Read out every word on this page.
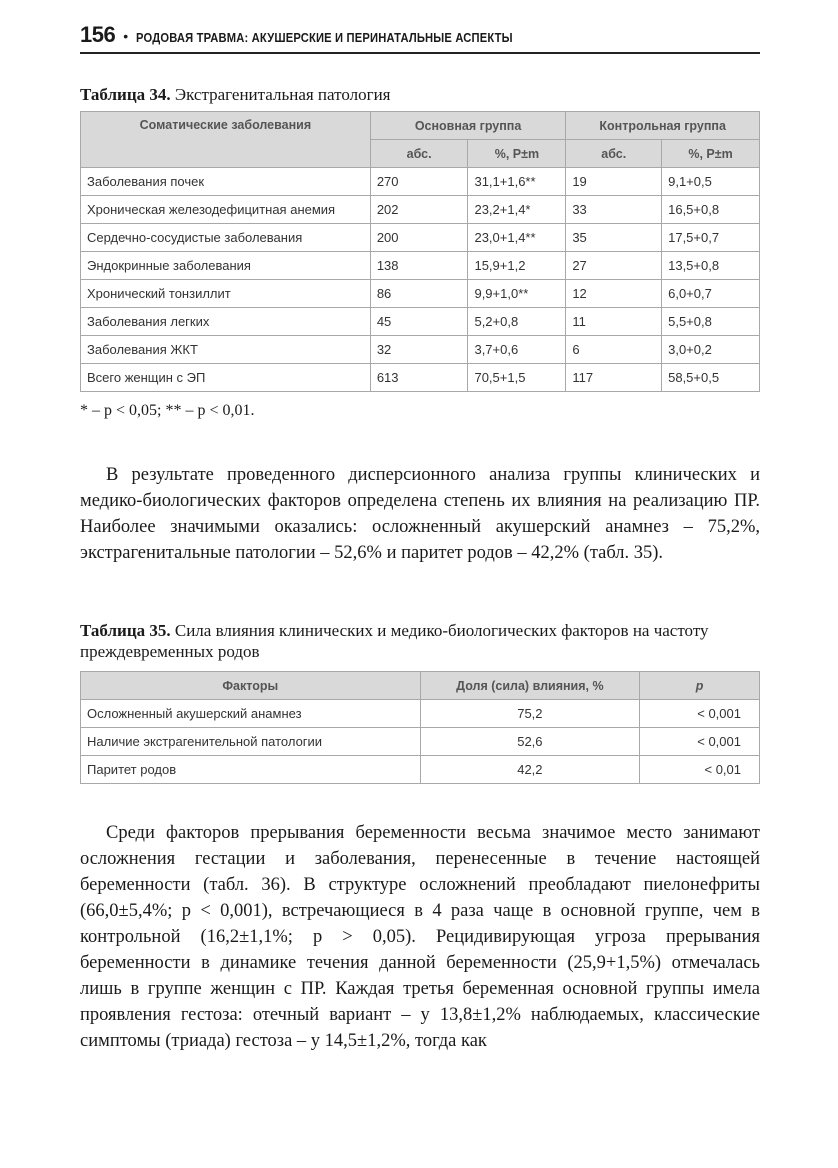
156 • РОДОВАЯ ТРАВМА: АКУШЕРСКИЕ И ПЕРИНАТАЛЬНЫЕ АСПЕКТЫ
Таблица 34. Экстрагенитальная патология
Соматические заболевания	Основная группа		Контрольная группа	
	абс.	%, P±m	абс.	%, P±m
Заболевания почек	270	31,1+1,6**	19	9,1+0,5
Хроническая железодефицитная анемия	202	23,2+1,4*	33	16,5+0,8
Сердечно-сосудистые заболевания	200	23,0+1,4**	35	17,5+0,7
Эндокринные заболевания	138	15,9+1,2	27	13,5+0,8
Хронический тонзиллит	86	9,9+1,0**	12	6,0+0,7
Заболевания легких	45	5,2+0,8	11	5,5+0,8
Заболевания ЖКТ	32	3,7+0,6	6	3,0+0,2
Всего женщин с ЭП	613	70,5+1,5	117	58,5+0,5
* – p < 0,05; ** – p < 0,01.

В результате проведенного дисперсионного анализа группы клинических и медико-биологических факторов определена степень их влияния на реализацию ПР. Наиболее значимыми оказались: осложненный акушерский анамнез – 75,2%, экстрагенитальные патологии – 52,6% и паритет родов – 42,2% (табл. 35).

Таблица 35. Сила влияния клинических и медико-биологических факторов на частоту преждевременных родов
Факторы	Доля (сила) влияния, %	p
Осложненный акушерский анамнез	75,2	< 0,001
Наличие экстрагенительной патологии	52,6	< 0,001
Паритет родов	42,2	< 0,01

Среди факторов прерывания беременности весьма значимое место занимают осложнения гестации и заболевания, перенесенные в течение настоящей беременности (табл. 36). В структуре осложнений преобладают пиелонефриты (66,0±5,4%; p < 0,001), встречающиеся в 4 раза чаще в основной группе, чем в контрольной (16,2±1,1%; p > 0,05). Рецидивирующая угроза прерывания беременности в динамике течения данной беременности (25,9+1,5%) отмечалась лишь в группе женщин с ПР. Каждая третья беременная основной группы имела проявления гестоза: отечный вариант – у 13,8±1,2% наблюдаемых, классические симптомы (триада) гестоза – у 14,5±1,2%, тогда как
